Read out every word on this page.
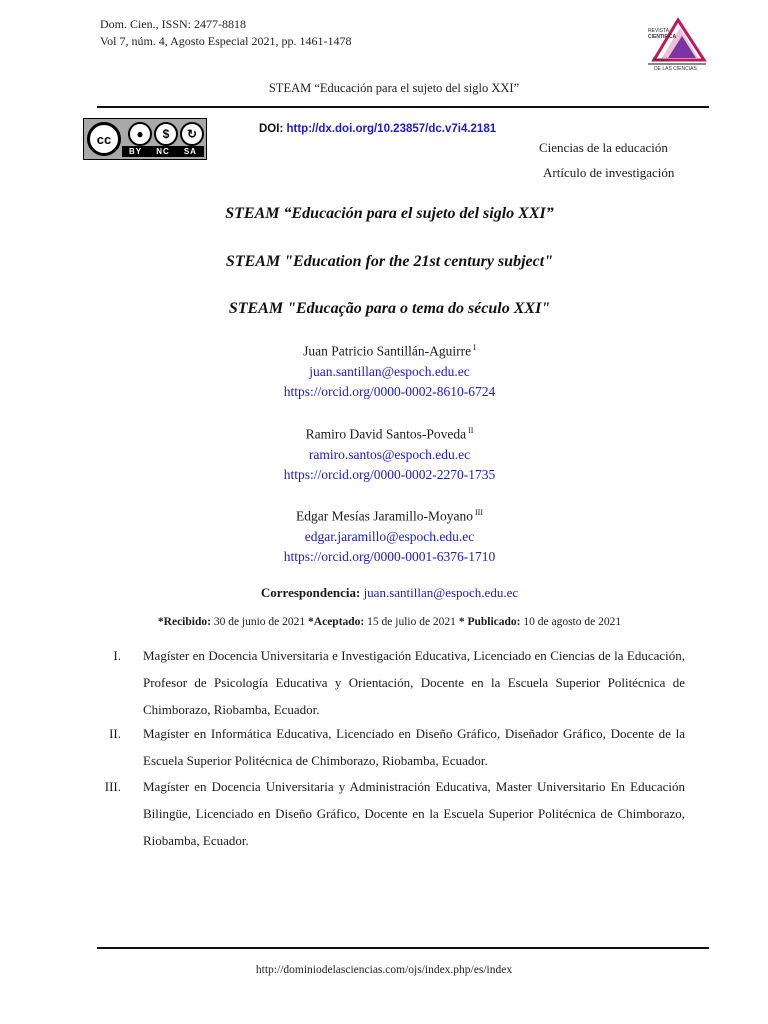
Dom. Cien., ISSN: 2477-8818
Vol 7, núm. 4, Agosto Especial 2021, pp. 1461-1478
REVISTA
CIENTIFICA
Dominio
DE LAS CIENCIAS
STEAM “Educación para el sujeto del siglo XXI”
cc	●	$	↻
BY NC SA
DOI: http://dx.doi.org/10.23857/dc.v7i4.2181
Ciencias de la educación
Artículo de investigación
STEAM “Educación para el sujeto del siglo XXI”
STEAM "Education for the 21st century subject"
STEAM "Educação para o tema do século XXI"
Juan Patricio Santillán-Aguirre $^I$
juan.santillan@espoch.edu.ec
https://orcid.org/0000-0002-8610-6724
Ramiro David Santos-Poveda $^{II}$
ramiro.santos@espoch.edu.ec
https://orcid.org/0000-0002-2270-1735
Edgar Mesías Jaramillo-Moyano $^{III}$
edgar.jaramillo@espoch.edu.ec
https://orcid.org/0000-0001-6376-1710
Correspondencia: juan.santillan@espoch.edu.ec
*Recibido: 30 de junio de 2021 *Aceptado: 15 de julio de 2021 * Publicado: 10 de agosto de 2021
I. Magíster en Docencia Universitaria e Investigación Educativa, Licenciado en Ciencias de la Educación, Profesor de Psicología Educativa y Orientación, Docente en la Escuela Superior Politécnica de Chimborazo, Riobamba, Ecuador.
II. Magíster en Informática Educativa, Licenciado en Diseño Gráfico, Diseñador Gráfico, Docente de la Escuela Superior Politécnica de Chimborazo, Riobamba, Ecuador.
III. Magíster en Docencia Universitaria y Administración Educativa, Master Universitario En Educación Bilingüe, Licenciado en Diseño Gráfico, Docente en la Escuela Superior Politécnica de Chimborazo, Riobamba, Ecuador.
http://dominiodelasciencias.com/ojs/index.php/es/index
